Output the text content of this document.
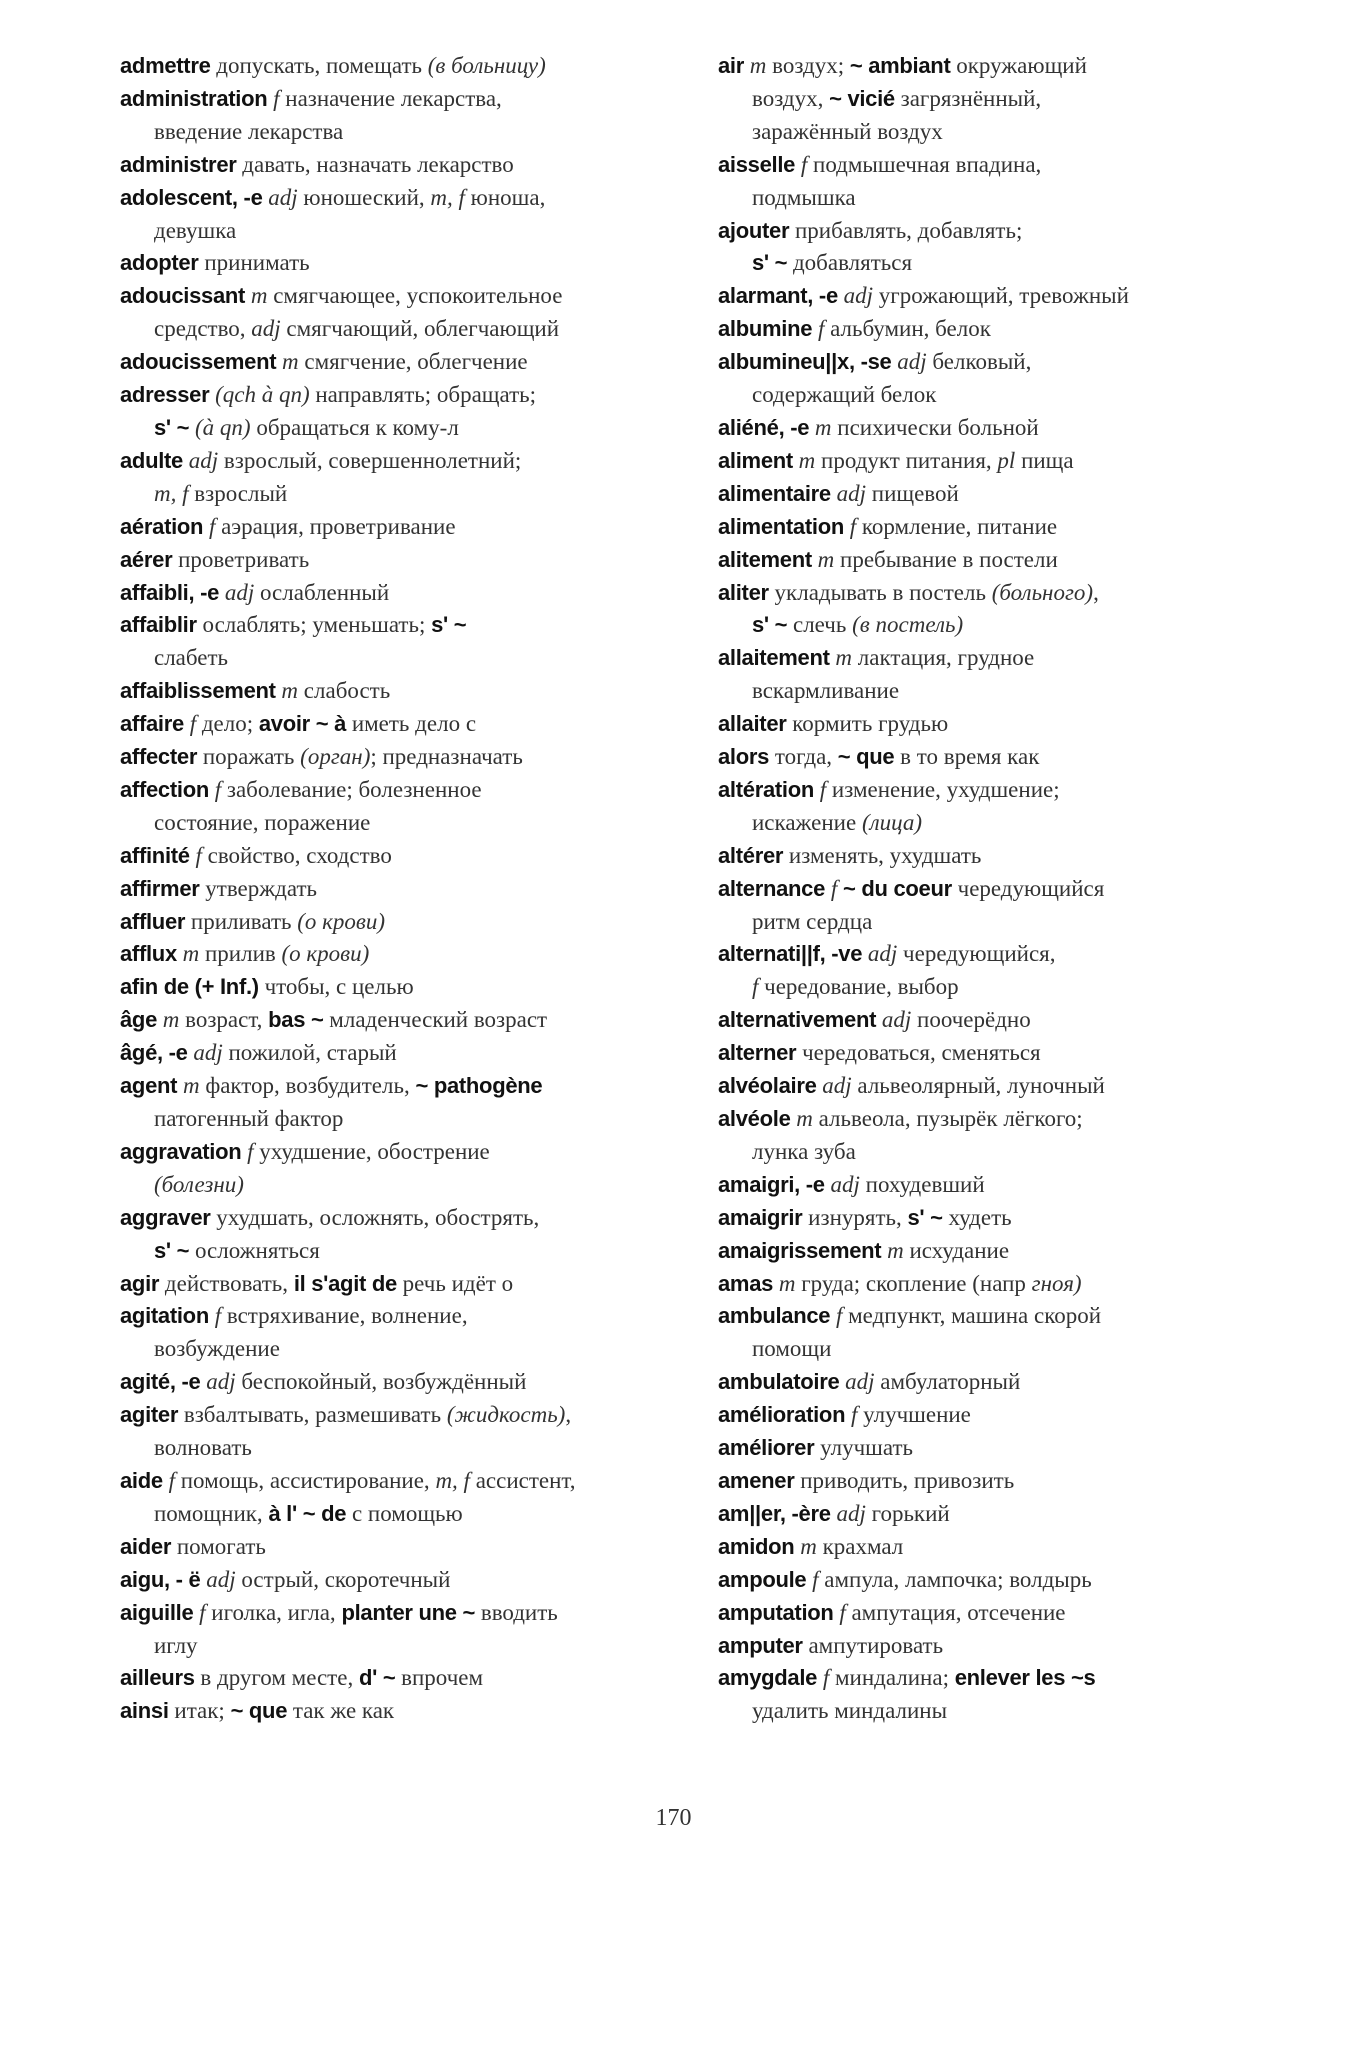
admettre допускать, помещать (в больницу)
administration f назначение лекарства,
введение лекарства
administrer давать, назначать лекарство
adolescent, -e adj юношеский, m, f юноша,
девушка
adopter принимать
adoucissant m смягчающее, успокоительное
средство, adj смягчающий, облегчающий
adoucissement m смягчение, облегчение
adresser (qch à qn) направлять; обращать;
s' ~ (à qn) обращаться к кому-л
adulte adj взрослый, совершеннолетний;
m, f взрослый
aération f аэрация, проветривание
aérer проветривать
affaibli, -e adj ослабленный
affaiblir ослаблять; уменьшать; s' ~
слабеть
affaiblissement m слабость
affaire f дело; avoir ~ à иметь дело с
affecter поражать (орган); предназначать
affection f заболевание; болезненное
состояние, поражение
affinité f свойство, сходство
affirmer утверждать
affluer приливать (о крови)
afflux m прилив (о крови)
afin de (+ Inf.) чтобы, с целью
âge m возраст, bas ~ младенческий возраст
âgé, -e adj пожилой, старый
agent m фактор, возбудитель, ~ pathogène
патогенный фактор
aggravation f ухудшение, обострение
(болезни)
aggraver ухудшать, осложнять, обострять,
s' ~ осложняться
agir действовать, il s'agit de речь идёт о
agitation f встряхивание, волнение,
возбуждение
agité, -e adj беспокойный, возбуждённый
agiter взбалтывать, размешивать (жидкость),
волновать
aide f помощь, ассистирование, m, f ассистент,
помощник, à l' ~ de с помощью
aider помогать
aigu, - ё adj острый, скоротечный
aiguille f иголка, игла, planter une ~ вводить
иглу
ailleurs в другом месте, d' ~ впрочем
ainsi итак; ~ que так же как
air m воздух; ~ ambiant окружающий
воздух, ~ vicié загрязнённый,
заражённый воздух
aisselle f подмышечная впадина,
подмышка
ajouter прибавлять, добавлять;
s' ~ добавляться
alarmant, -e adj угрожающий, тревожный
albumine f альбумин, белок
albumineu||x, -se adj белковый,
содержащий белок
aliéné, -e m психически больной
aliment m продукт питания, pl пища
alimentaire adj пищевой
alimentation f кормление, питание
alitement m пребывание в постели
aliter укладывать в постель (больного),
s' ~ слечь (в постель)
allaitement m лактация, грудное
вскармливание
allaiter кормить грудью
alors тогда, ~ que в то время как
altération f изменение, ухудшение;
искажение (лица)
altérer изменять, ухудшать
alternance f ~ du coeur чередующийся
ритм сердца
alternati||f, -ve adj чередующийся,
f чередование, выбор
alternativement adj поочерёдно
alterner чередоваться, сменяться
alvéolaire adj альвеолярный, луночный
alvéole m альвеола, пузырёк лёгкого;
лунка зуба
amaigri, -e adj похудевший
amaigrir изнурять, s' ~ худеть
amaigrissement m исхудание
amas m груда; скопление (напр гноя)
ambulance f медпункт, машина скорой
помощи
ambulatoire adj амбулаторный
amélioration f улучшение
améliorer улучшать
amener приводить, привозить
am||er, -ère adj горький
amidon m крахмал
ampoule f ампула, лампочка; волдырь
amputation f ампутация, отсечение
amputer ампутировать
amygdale f миндалина; enlever les ~s
удалить миндалины
170
